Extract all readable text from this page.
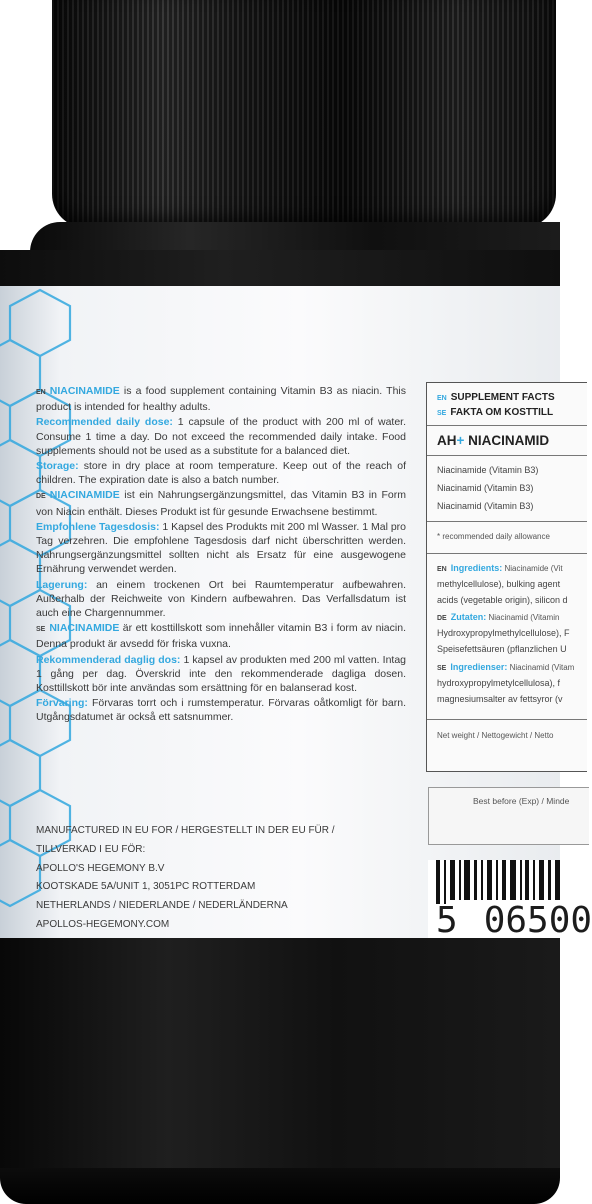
EN NIACINAMIDE is a food supplement containing Vitamin B3 as niacin. This product is intended for healthy adults.

Recommended daily dose: 1 capsule of the product with 200 ml of water. Consume 1 time a day. Do not exceed the recommended daily intake. Food supplements should not be used as a substitute for a balanced diet.

Storage: store in dry place at room temperature. Keep out of the reach of children. The expiration date is also a batch number.

DE NIACINAMIDE ist ein Nahrungsergänzungsmittel, das Vitamin B3 in Form von Niacin enthält. Dieses Produkt ist für gesunde Erwachsene bestimmt.

Empfohlene Tagesdosis: 1 Kapsel des Produkts mit 200 ml Wasser. 1 Mal pro Tag verzehren. Die empfohlene Tagesdosis darf nicht überschritten werden. Nahrungsergänzungsmittel sollten nicht als Ersatz für eine ausgewogene Ernährung verwendet werden.

Lagerung: an einem trockenen Ort bei Raumtemperatur aufbewahren. Außerhalb der Reichweite von Kindern aufbewahren. Das Verfallsdatum ist auch eine Chargennummer.

SE NIACINAMIDE är ett kosttillskott som innehåller vitamin B3 i form av niacin. Denna produkt är avsedd för friska vuxna.

Rekommenderad daglig dos: 1 kapsel av produkten med 200 ml vatten. Intag 1 gång per dag. Överskrid inte den rekommenderade dagliga dosen. Kosttillskott bör inte användas som ersättning för en balanserad kost.

Förvaring: Förvaras torrt och i rumstemperatur. Förvaras oåtkomligt för barn. Utgångsdatumet är också ett satsnummer.

MANUFACTURED IN EU FOR / HERGESTELLT IN DER EU FÜR /
TILLVERKAD I EU FÖR:
APOLLO'S HEGEMONY B.V
KOOTSKADE 5A/UNIT 1, 3051PC ROTTERDAM
NETHERLANDS / NIEDERLANDE / NEDERLÄNDERNA
APOLLOS-HEGEMONY.COM
EN SUPPLEMENT FACTS
SE FAKTA OM KOSTTILL
AH+ NIACINAMID
Niacinamide (Vitamin B3)
Niacinamid (Vitamin B3)
Niacinamid (Vitamin B3)
* recommended daily allowance
EN Ingredients: Niacinamide (Vit
methylcellulose), bulking agent
acids (vegetable origin), silicon d
DE Zutaten: Niacinamid (Vitamin
Hydroxypropylmethylcellulose), F
Speisefettsäuren (pflanzlichen U
SE Ingredienser: Niacinamid (Vitam
hydroxypropylmetylcellulosa), f
magnesiumsalter av fettsyror (v
Net weight / Nettogewicht / Netto
Best before (Exp) / Minde
5 06500
